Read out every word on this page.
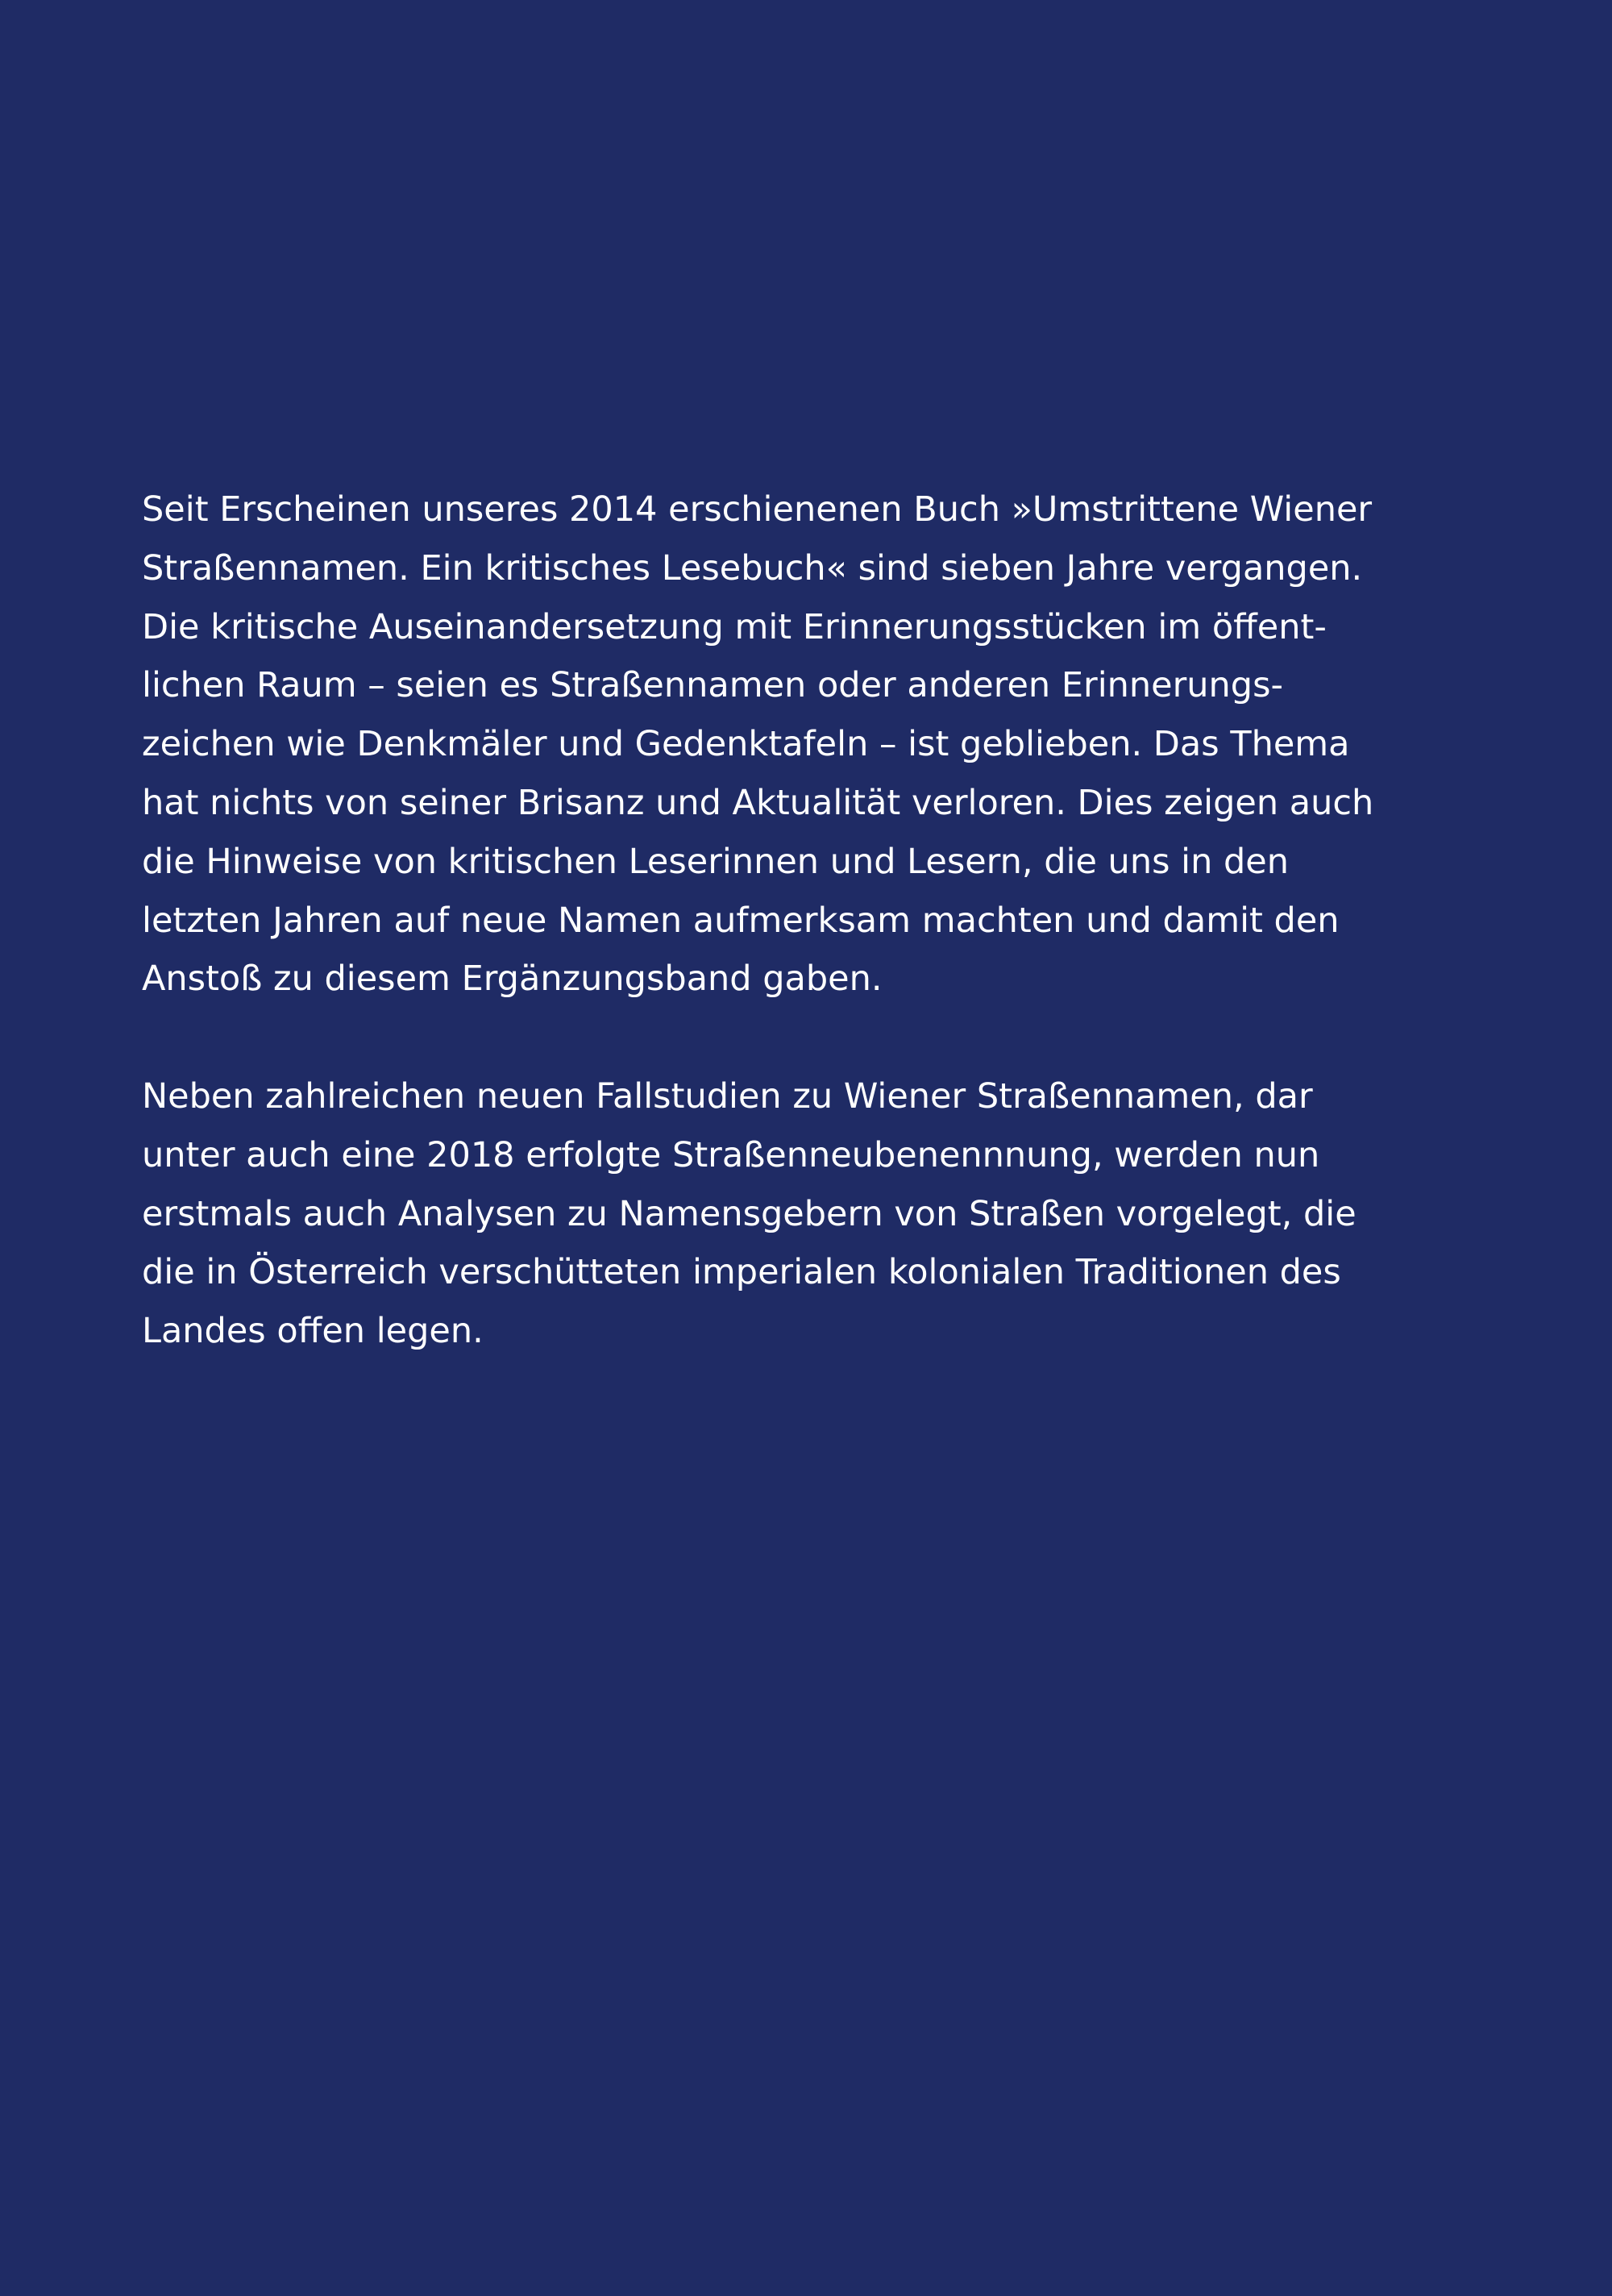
Seit Erscheinen unseres 2014 erschienenen Buch »Umstrittene Wiener
Straßennamen. Ein kritisches Lesebuch« sind sieben Jahre vergangen.
Die kritische Auseinandersetzung mit Erinnerungsstücken im öffent-
lichen Raum – seien es Straßennamen oder anderen Erinnerungs-
zeichen wie Denkmäler und Gedenktafeln – ist geblieben. Das Thema
hat nichts von seiner Brisanz und Aktualität verloren. Dies zeigen auch
die Hinweise von kritischen Leserinnen und Lesern, die uns in den
letzten Jahren auf neue Namen aufmerksam machten und damit den
Anstoß zu diesem Ergänzungsband gaben.
Neben zahlreichen neuen Fallstudien zu Wiener Straßennamen, dar
unter auch eine 2018 erfolgte Straßenneubenennnung, werden nun
erstmals auch Analysen zu Namensgebern von Straßen vorgelegt, die
die in Österreich verschütteten imperialen kolonialen Traditionen des
Landes offen legen.
